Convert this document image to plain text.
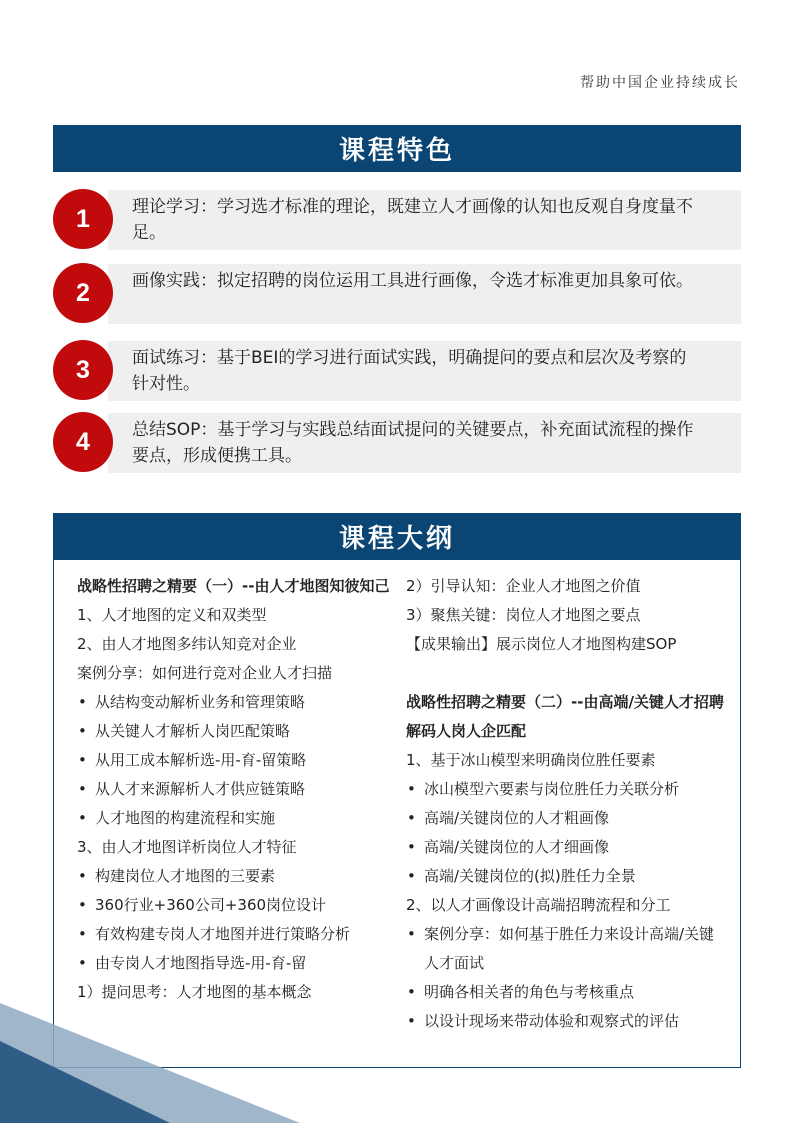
帮助中国企业持续成长
课程特色
1	理论学习：学习选才标准的理论，既建立人才画像的认知也反观自身度量不足。
2	画像实践：拟定招聘的岗位运用工具进行画像，令选才标准更加具象可依。
3	面试练习：基于BEI的学习进行面试实践，明确提问的要点和层次及考察的针对性。
4	总结SOP：基于学习与实践总结面试提问的关键要点，补充面试流程的操作要点，形成便携工具。
课程大纲
战略性招聘之精要（一）--由人才地图知彼知己
1、人才地图的定义和双类型
2、由人才地图多纬认知竞对企业
案例分享：如何进行竞对企业人才扫描
• 从结构变动解析业务和管理策略
• 从关键人才解析人岗匹配策略
• 从用工成本解析选-用-育-留策略
• 从人才来源解析人才供应链策略
• 人才地图的构建流程和实施
3、由人才地图详析岗位人才特征
• 构建岗位人才地图的三要素
• 360行业+360公司+360岗位设计
• 有效构建专岗人才地图并进行策略分析
• 由专岗人才地图指导选-用-育-留
1）提问思考：人才地图的基本概念
2）引导认知：企业人才地图之价值
3）聚焦关键：岗位人才地图之要点
【成果输出】展示岗位人才地图构建SOP
战略性招聘之精要（二）--由高端/关键人才招聘解码人岗人企匹配
1、基于冰山模型来明确岗位胜任要素
• 冰山模型六要素与岗位胜任力关联分析
• 高端/关键岗位的人才粗画像
• 高端/关键岗位的人才细画像
• 高端/关键岗位的(拟)胜任力全景
2、以人才画像设计高端招聘流程和分工
• 案例分享：如何基于胜任力来设计高端/关键人才面试
• 明确各相关者的角色与考核重点
• 以设计现场来带动体验和观察式的评估
